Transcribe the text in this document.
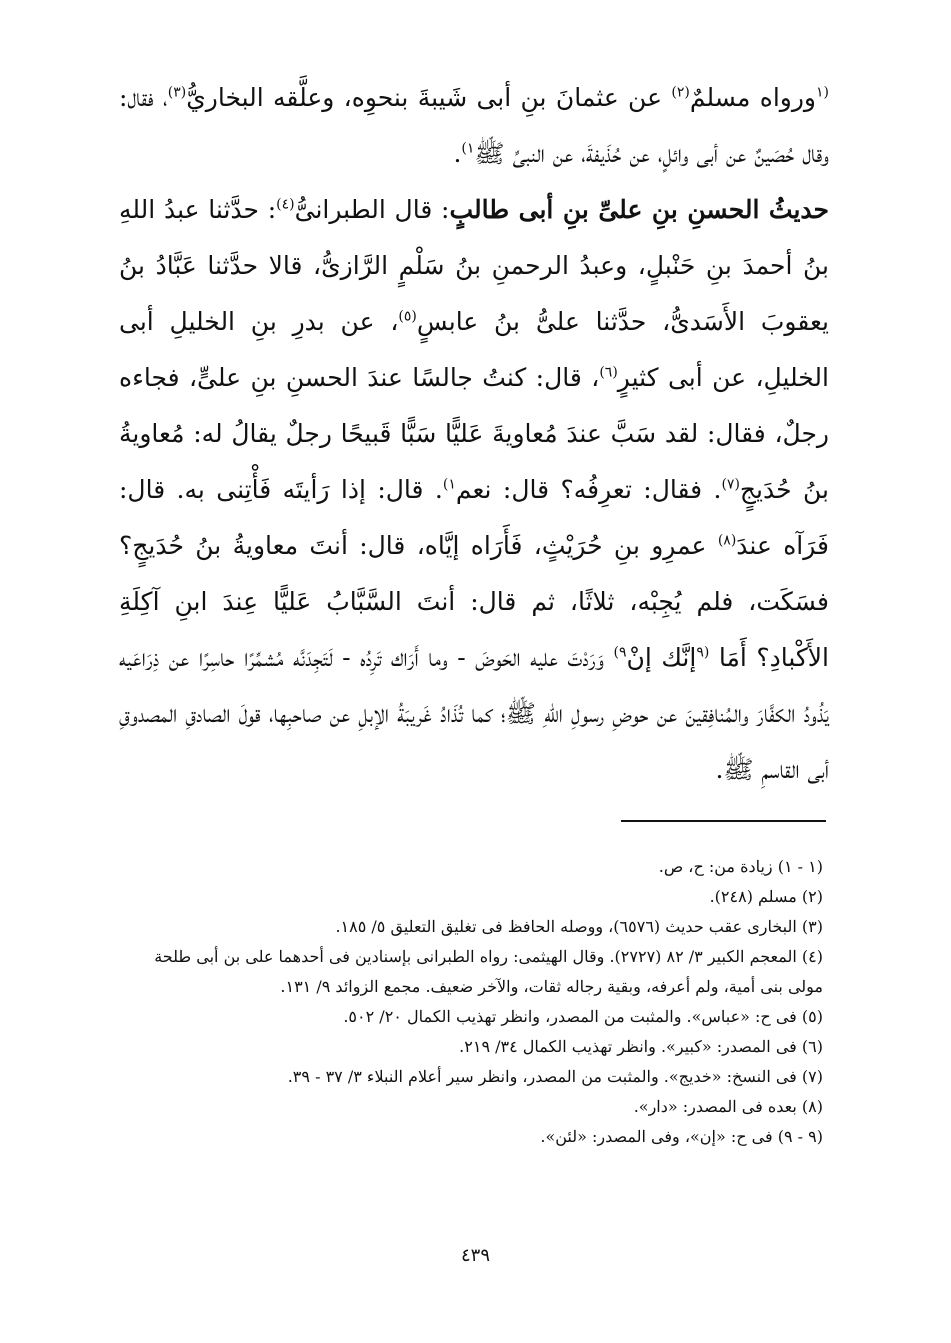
$^{(١}$ورواه مسلمٌ$^{(٢)}$ عن عثمانَ بنِ أبى شَيبةَ بنحوِه، وعلَّقه البخاريُّ$^{(٣)}$، فقال: وقال حُصَينٌ عن أبى وائلٍ، عن حُذَيفةَ، عن النبىِّ ﷺ$^{١)}$.

حديثُ الحسنِ بنِ علىِّ بنِ أبى طالبٍ: قال الطبرانىُّ$^{(٤)}$: حدَّثنا عبدُ اللهِ بنُ أحمدَ بنِ حَنْبلٍ، وعبدُ الرحمنِ بنُ سَلْمٍ الرَّازىُّ، قالا حدَّثنا عَبَّادُ بنُ يعقوبَ الأَسَدىُّ، حدَّثنا علىُّ بنُ عابسٍ$^{(٥)}$، عن بدرِ بنِ الخليلِ أبى الخليلِ، عن أبى كثيرٍ$^{(٦)}$، قال: كنتُ جالسًا عندَ الحسنِ بنِ علىٍّ، فجاءه رجلٌ، فقال: لقد سَبَّ عندَ مُعاويةَ عَليًّا سَبًّا قَبيحًا رجلٌ يقالُ له: مُعاويةُ بنُ حُدَيجٍ$^{(٧)}$. فقال: تعرِفُه؟ قال: نعم$^{١)}$. قال: إذا رَأيتَه فَأْتِنى به. قال: فَرَآه عندَ$^{(٨)}$ عمرِو بنِ حُرَيْثٍ، فَأَرَاه إيَّاه، قال: أنتَ معاويةُ بنُ حُدَيجٍ؟ فسَكَت، فلم يُجِبْه، ثلاثًا، ثم قال: أنتَ السَّبَّابُ عَليًّا عِندَ ابنِ آكِلَةِ الأَكْبادِ؟ أَمَا $^{(٩}$إنَّك إنْ$^{٩)}$ وَرَدْتَ عليه الحَوضَ - وما أَرَاك تَرِدُه - لَتَجِدَنَّه مُشمِّرًا حاسِرًا عن ذِرَاعَيه يَذُودُ الكفَّارَ والمُنافِقينَ عن حوضِ رسولِ اللهِ ﷺ؛ كما تُذَادُ غَريبَةُ الإبلِ عن صاحبِها، قولَ الصادقِ المصدوقِ أبى القاسمِ ﷺ.

(١ - ١) زيادة من: ح، ص.

(٢) مسلم (٢٤٨).

(٣) البخارى عقب حديث (٦٥٧٦)، ووصله الحافظ فى تغليق التعليق ٥/ ١٨٥.

(٤) المعجم الكبير ٣/ ٨٢ (٢٧٢٧). وقال الهيثمى: رواه الطبرانى بإسنادين فى أحدهما على بن أبى طلحة مولى بنى أمية، ولم أعرفه، وبقية رجاله ثقات، والآخر ضعيف. مجمع الزوائد ٩/ ١٣١.

(٥) فى ح: «عباس». والمثبت من المصدر، وانظر تهذيب الكمال ٢٠/ ٥٠٢.

(٦) فى المصدر: «كبير». وانظر تهذيب الكمال ٣٤/ ٢١٩.

(٧) فى النسخ: «خديج». والمثبت من المصدر، وانظر سير أعلام النبلاء ٣/ ٣٧ - ٣٩.

(٨) بعده فى المصدر: «دار».

(٩ - ٩) فى ح: «إن»، وفى المصدر: «لئن».

٤٣٩
